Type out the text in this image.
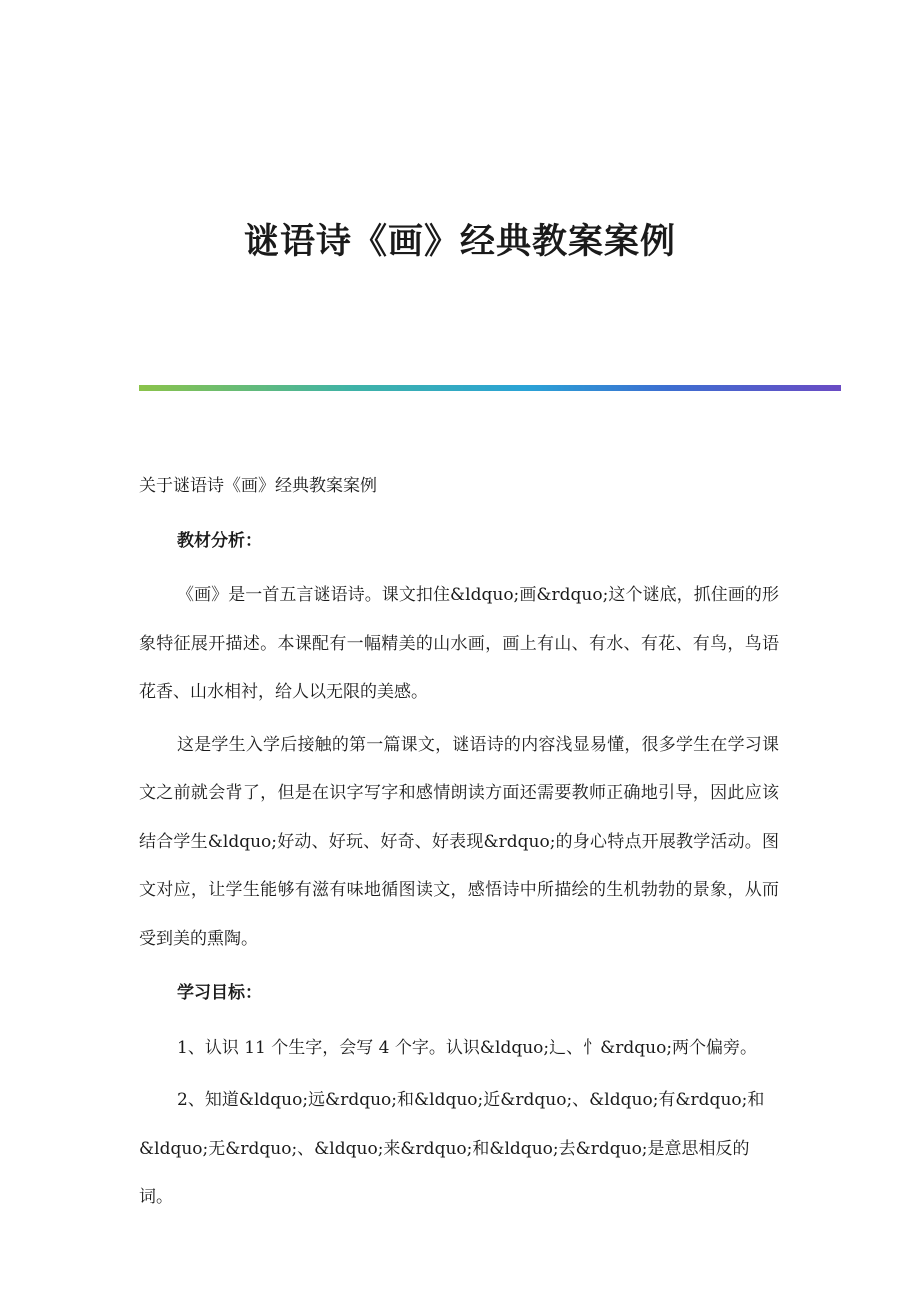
谜语诗《画》经典教案案例

关于谜语诗《画》经典教案案例

教材分析：

《画》是一首五言谜语诗。课文扣住&ldquo;画&rdquo;这个谜底，抓住画的形象特征展开描述。本课配有一幅精美的山水画，画上有山、有水、有花、有鸟，鸟语花香、山水相衬，给人以无限的美感。

这是学生入学后接触的第一篇课文，谜语诗的内容浅显易懂，很多学生在学习课文之前就会背了，但是在识字写字和感情朗读方面还需要教师正确地引导，因此应该结合学生&ldquo;好动、好玩、好奇、好表现&rdquo;的身心特点开展教学活动。图文对应，让学生能够有滋有味地循图读文，感悟诗中所描绘的生机勃勃的景象，从而受到美的熏陶。

学习目标：

1、认识 11 个生字，会写 4 个字。认识&ldquo;辶、忄&rdquo;两个偏旁。

2、知道&ldquo;远&rdquo;和&ldquo;近&rdquo;、&ldquo;有&rdquo;和&ldquo;无&rdquo;、&ldquo;来&rdquo;和&ldquo;去&rdquo;是意思相反的词。
